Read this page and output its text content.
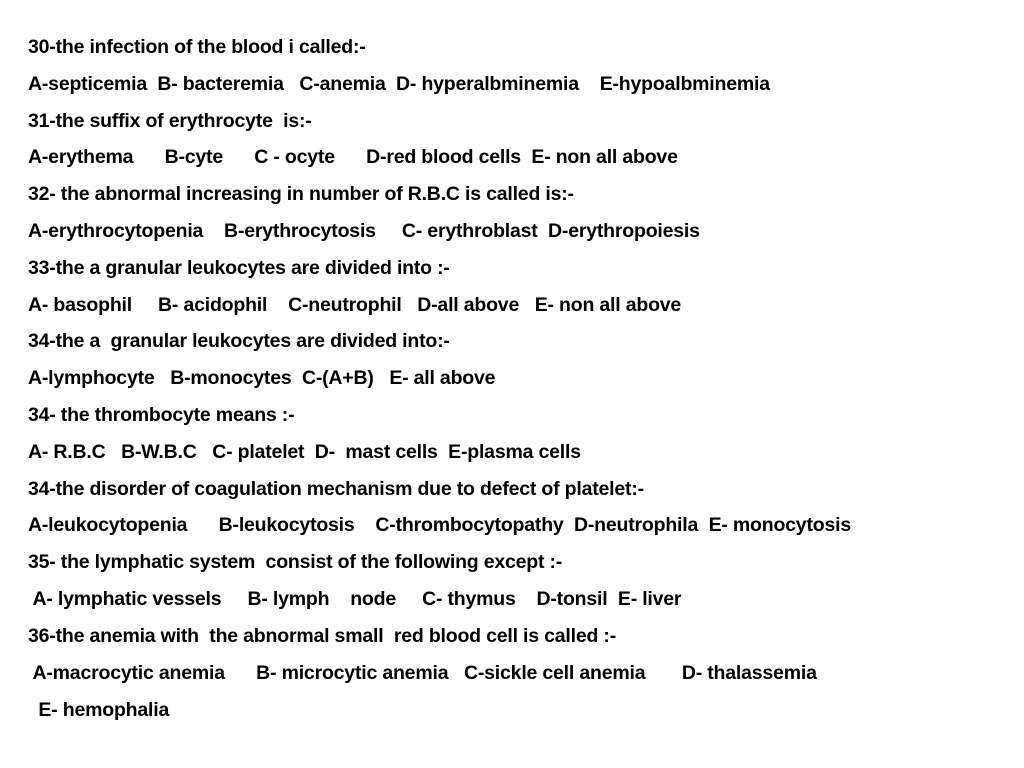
30-the infection of the blood i called:-
A-septicemia  B- bacteremia   C-anemia  D- hyperalbminemia    E-hypoalbminemia
31-the suffix of erythrocyte  is:-
A-erythema      B-cyte      C - ocyte      D-red blood cells  E- non all above
32- the abnormal increasing in number of R.B.C is called is:-
A-erythrocytopenia    B-erythrocytosis     C- erythroblast  D-erythropoiesis
33-the a granular leukocytes are divided into :-
A- basophil     B- acidophil    C-neutrophil   D-all above   E- non all above
34-the a  granular leukocytes are divided into:-
A-lymphocyte   B-monocytes  C-(A+B)   E- all above
34- the thrombocyte means :-
A- R.B.C   B-W.B.C   C- platelet  D-  mast cells  E-plasma cells
34-the disorder of coagulation mechanism due to defect of platelet:-
A-leukocytopenia      B-leukocytosis    C-thrombocytopathy  D-neutrophila  E- monocytosis
35- the lymphatic system  consist of the following except :-
A- lymphatic vessels     B- lymph    node     C- thymus    D-tonsil  E- liver
36-the anemia with  the abnormal small  red blood cell is called :-
A-macrocytic anemia      B- microcytic anemia   C-sickle cell anemia       D- thalassemia
E- hemophalia
